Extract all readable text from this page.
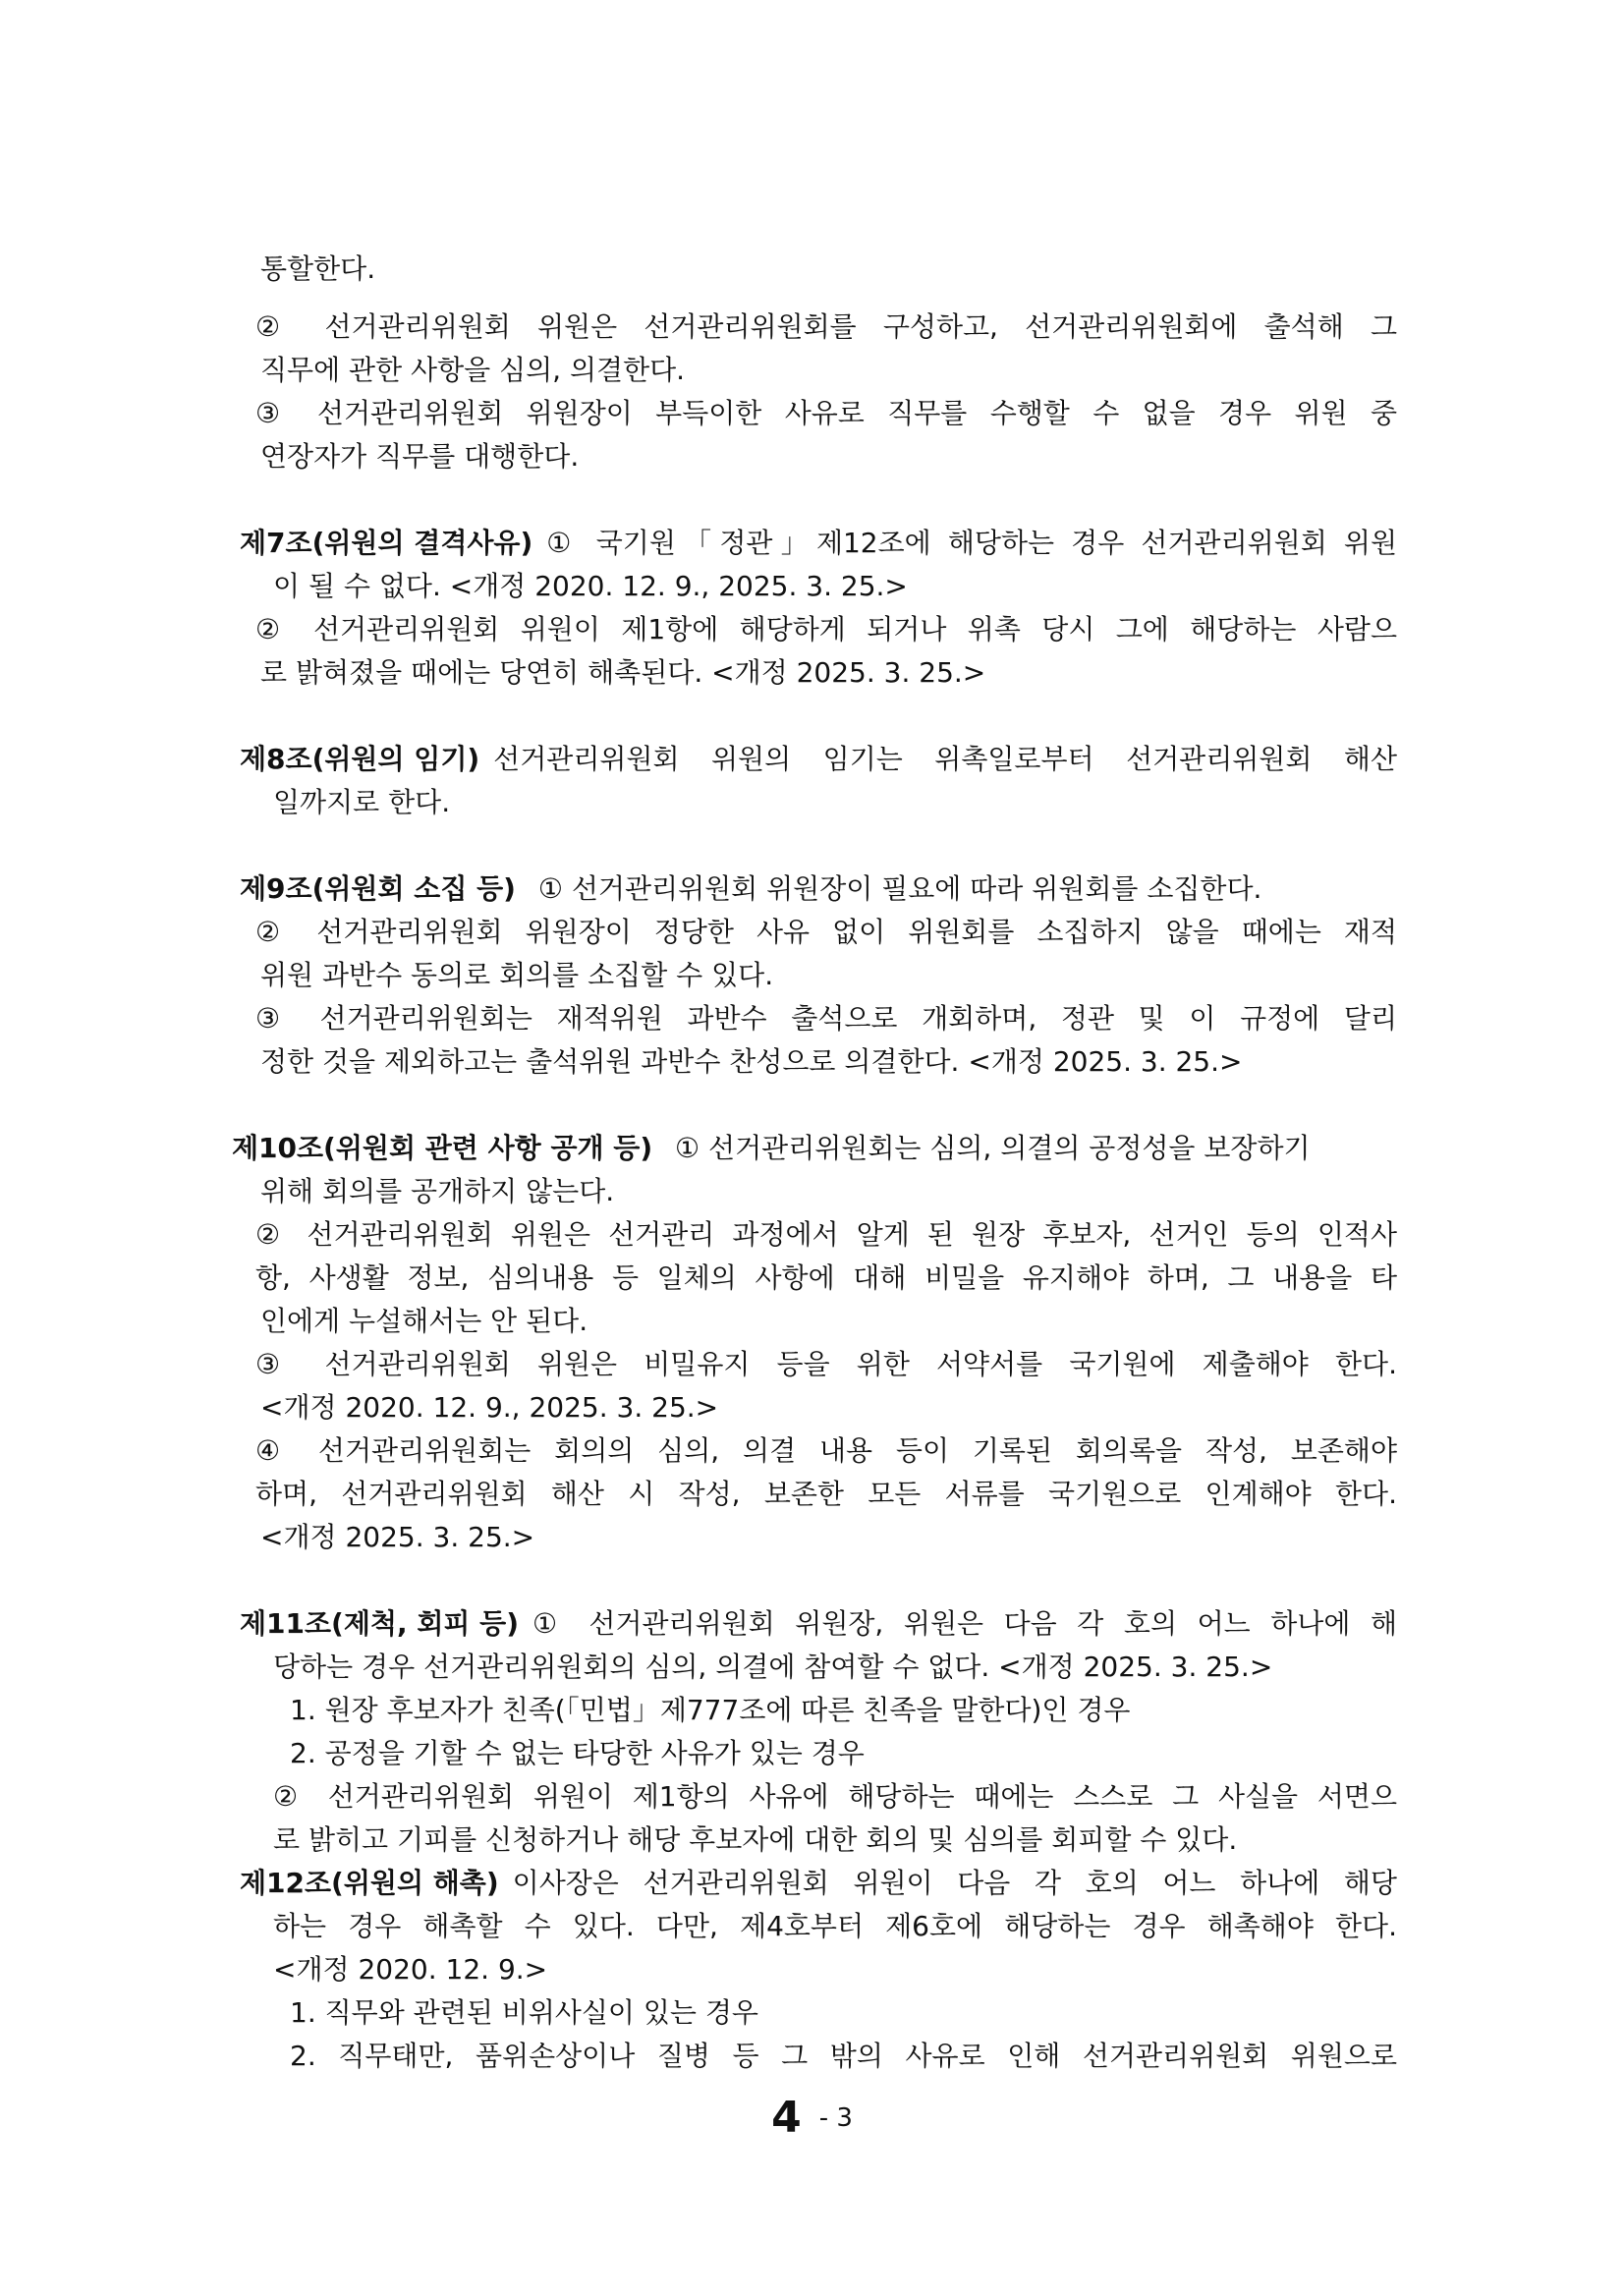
통할한다.
② 선거관리위원회 위원은 선거관리위원회를 구성하고, 선거관리위원회에 출석해 그
직무에 관한 사항을 심의, 의결한다.
③ 선거관리위원회 위원장이 부득이한 사유로 직무를 수행할 수 없을 경우 위원 중
연장자가 직무를 대행한다.
제7조(위원의 결격사유) ① 국기원「정관」제12조에 해당하는 경우 선거관리위원회 위원
이 될 수 없다. <개정 2020. 12. 9., 2025. 3. 25.>
② 선거관리위원회 위원이 제1항에 해당하게 되거나 위촉 당시 그에 해당하는 사람으
로 밝혀졌을 때에는 당연히 해촉된다. <개정 2025. 3. 25.>
제8조(위원의 임기) 선거관리위원회 위원의 임기는 위촉일로부터 선거관리위원회 해산
일까지로 한다.
제9조(위원회 소집 등) ① 선거관리위원회 위원장이 필요에 따라 위원회를 소집한다.
② 선거관리위원회 위원장이 정당한 사유 없이 위원회를 소집하지 않을 때에는 재적
위원 과반수 동의로 회의를 소집할 수 있다.
③ 선거관리위원회는 재적위원 과반수 출석으로 개회하며, 정관 및 이 규정에 달리
정한 것을 제외하고는 출석위원 과반수 찬성으로 의결한다. <개정 2025. 3. 25.>
제10조(위원회 관련 사항 공개 등) ① 선거관리위원회는 심의, 의결의 공정성을 보장하기
위해 회의를 공개하지 않는다.
② 선거관리위원회 위원은 선거관리 과정에서 알게 된 원장 후보자, 선거인 등의 인적사
항, 사생활 정보, 심의내용 등 일체의 사항에 대해 비밀을 유지해야 하며, 그 내용을 타
인에게 누설해서는 안 된다.
③ 선거관리위원회 위원은 비밀유지 등을 위한 서약서를 국기원에 제출해야 한다.
<개정 2020. 12. 9., 2025. 3. 25.>
④ 선거관리위원회는 회의의 심의, 의결 내용 등이 기록된 회의록을 작성, 보존해야
하며, 선거관리위원회 해산 시 작성, 보존한 모든 서류를 국기원으로 인계해야 한다.
<개정 2025. 3. 25.>
제11조(제척, 회피 등) ① 선거관리위원회 위원장, 위원은 다음 각 호의 어느 하나에 해
당하는 경우 선거관리위원회의 심의, 의결에 참여할 수 없다. <개정 2025. 3. 25.>
1. 원장 후보자가 친족(「민법」제777조에 따른 친족을 말한다)인 경우
2. 공정을 기할 수 없는 타당한 사유가 있는 경우
② 선거관리위원회 위원이 제1항의 사유에 해당하는 때에는 스스로 그 사실을 서면으
로 밝히고 기피를 신청하거나 해당 후보자에 대한 회의 및 심의를 회피할 수 있다.
제12조(위원의 해촉) 이사장은 선거관리위원회 위원이 다음 각 호의 어느 하나에 해당
하는 경우 해촉할 수 있다. 다만, 제4호부터 제6호에 해당하는 경우 해촉해야 한다.
<개정 2020. 12. 9.>
1. 직무와 관련된 비위사실이 있는 경우
2. 직무태만, 품위손상이나 질병 등 그 밖의 사유로 인해 선거관리위원회 위원으로
4 - 3
